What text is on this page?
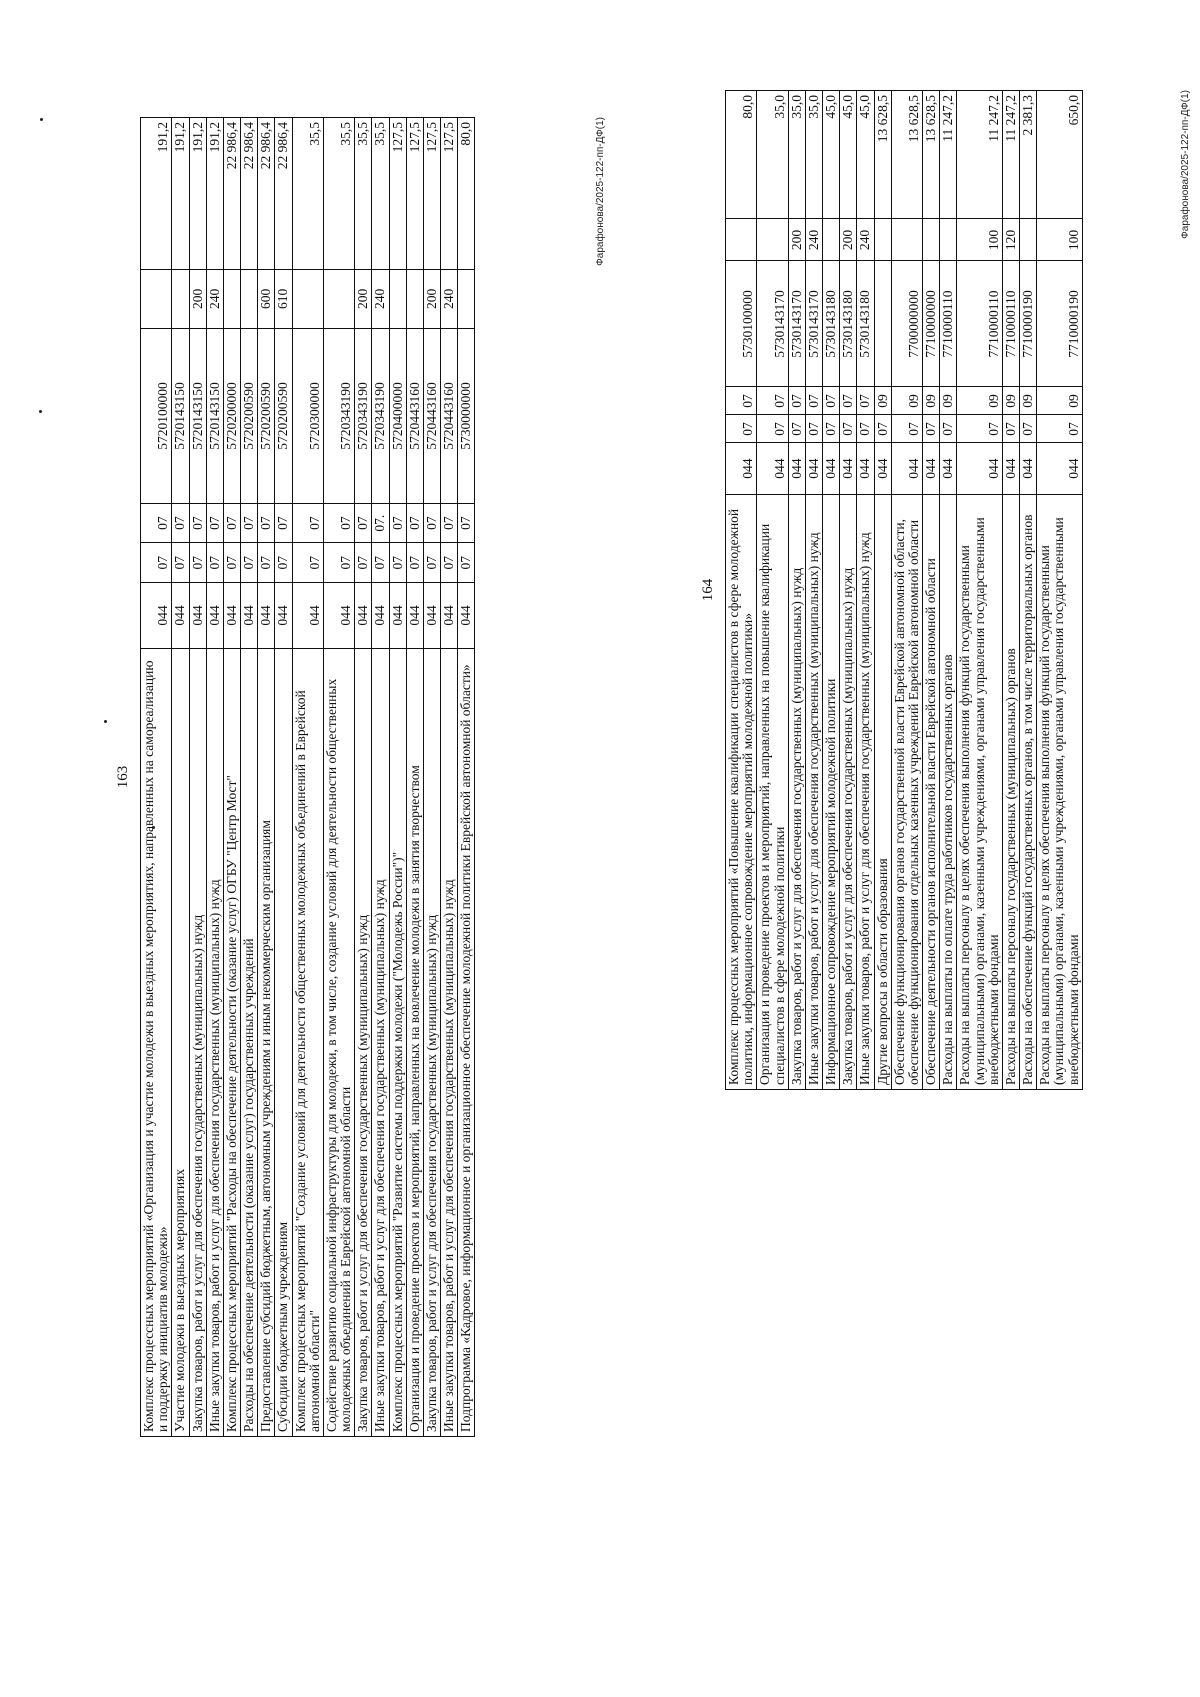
163 Комплекс процессных мероприятий «Организация и участие молодежи в выездных мероприятиях, направленных на самореализацию и поддержку инициатив молодежи»	044	07	07	5720100000		191,2
Участие молодежи в выездных мероприятиях	044	07	07	5720143150		191,2
Закупка товаров, работ и услуг для обеспечения государственных (муниципальных) нужд	044	07	07	5720143150	200	191,2
Иные закупки товаров, работ и услуг для обеспечения государственных (муниципальных) нужд	044	07	07	5720143150	240	191,2
Комплекс процессных мероприятий "Расходы на обеспечение деятельности (оказание услуг) ОГБУ "Центр Мост"	044	07	07	5720200000		22 986,4
Расходы на обеспечение деятельности (оказание услуг) государственных учреждений	044	07	07	5720200590		22 986,4
Предоставление субсидий бюджетным, автономным учреждениям и иным некоммерческим организациям	044	07	07	5720200590	600	22 986,4
Субсидии бюджетным учреждениям	044	07	07	5720200590	610	22 986,4
Комплекс процессных мероприятий "Создание условий для деятельности общественных молодежных объединений в Еврейской автономной области"	044	07	07	5720300000		35,5
Содействие развитию социальной инфраструктуры для молодежи, в том числе, создание условий для деятельности общественных молодежных объединений в Еврейской автономной области	044	07	07	5720343190		35,5
Закупка товаров, работ и услуг для обеспечения государственных (муниципальных) нужд	044	07	07	5720343190	200	35,5
Иные закупки товаров, работ и услуг для обеспечения государственных (муниципальных) нужд	044	07	07.	5720343190	240	35,5
Комплекс процессных мероприятий "Развитие системы поддержки молодежи ("Молодежь России")"	044	07	07	5720400000		127,5
Организация и проведение проектов и мероприятий, направленных на вовлечение молодежи в занятия творчеством	044	07	07	5720443160		127,5
Закупка товаров, работ и услуг для обеспечения государственных (муниципальных) нужд	044	07	07	5720443160	200	127,5
Иные закупки товаров, работ и услуг для обеспечения государственных (муниципальных) нужд	044	07	07	5720443160	240	127,5
Подпрограмма «Кадровое, информационное и организационное обеспечение молодежной политики Еврейской автономной области»	044	07	07	5730000000		80,0	Фарафонова/2025-122-пп-ДФ(1)
164 Комплекс процессных мероприятий «Повышение квалификации специалистов в сфере молодежной политики, информационное сопровождение мероприятий молодежной политики»	044	07	07	5730100000		80,0
Организация и проведение проектов и мероприятий, направленных на повышение квалификации специалистов в сфере молодежной политики	044	07	07	5730143170		35,0
Закупка товаров, работ и услуг для обеспечения государственных (муниципальных) нужд	044	07	07	5730143170	200	35,0
Иные закупки товаров, работ и услуг для обеспечения государственных (муниципальных) нужд	044	07	07	5730143170	240	35,0
Информационное сопровождение мероприятий молодежной политики	044	07	07	5730143180		45,0
Закупка товаров, работ и услуг для обеспечения государственных (муниципальных) нужд	044	07	07	5730143180	200	45,0
Иные закупки товаров, работ и услуг для обеспечения государственных (муниципальных) нужд	044	07	07	5730143180	240	45,0
Другие вопросы в области образования	044	07	09			13 628,5
Обеспечение функционирования органов государственной власти Еврейской автономной области, обеспечение функционирования отдельных казенных учреждений Еврейской автономной области	044	07	09	7700000000		13 628,5
Обеспечение деятельности органов исполнительной власти Еврейской автономной области	044	07	09	7710000000		13 628,5
Расходы на выплаты по оплате труда работников государственных органов	044	07	09	7710000110		11 247,2
Расходы на выплаты персоналу в целях обеспечения выполнения функций государственными (муниципальными) органами, казенными учреждениями, органами управления государственными внебюджетными фондами	044	07	09	7710000110	100	11 247,2
Расходы на выплаты персоналу государственных (муниципальных) органов	044	07	09	7710000110	120	11 247,2
Расходы на обеспечение функций государственных органов, в том числе территориальных органов	044	07	09	7710000190		2 381,3
Расходы на выплаты персоналу в целях обеспечения выполнения функций государственными (муниципальными) органами, казенными учреждениями, органами управления государственными внебюджетными фондами	044	07	09	7710000190	100	650,0	Фарафонова/2025-122-пп-ДФ(1)
